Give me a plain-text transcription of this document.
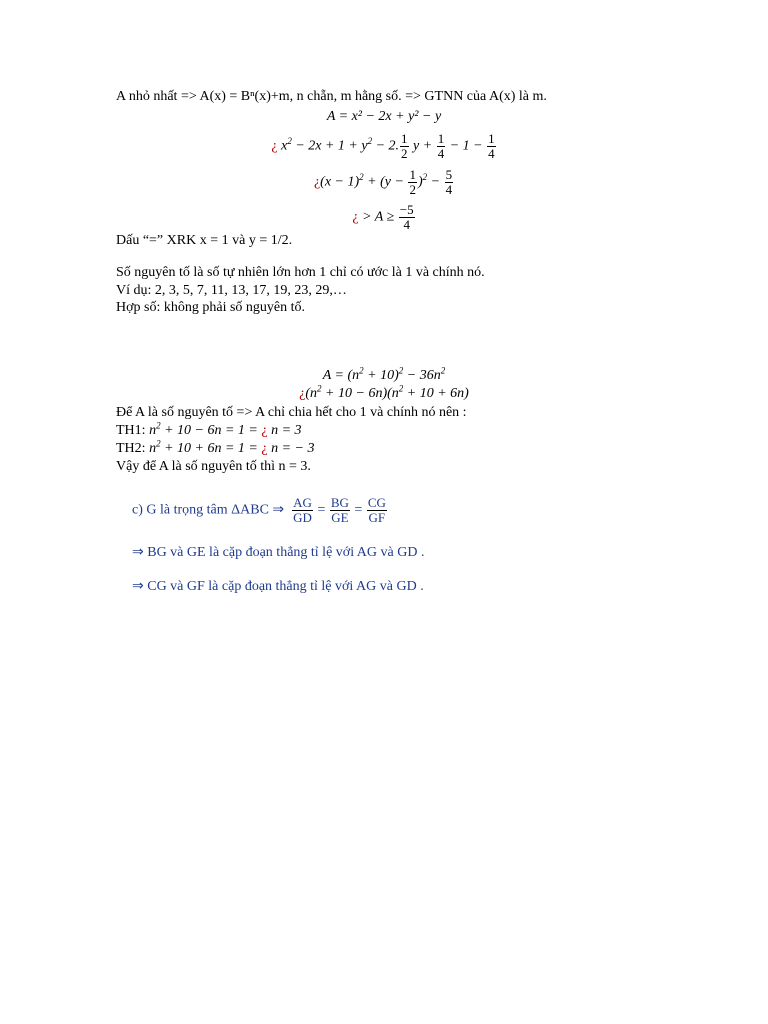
A nhỏ nhất => A(x) = Bⁿ(x)+m, n chẵn, m hằng số. => GTNN của A(x) là m.
A = x² − 2x + y² − y
¿ $x^2 - 2x + 1 + y^2 - 2$. $\frac{1}{2}$ $y + \frac{1}{4} - 1 - \frac{1}{4}$
¿$(x - 1)^2 + (y - \frac{1}{2} )^2 - \frac{5}{4}$
¿ > $A \ge \frac{-5}{4}$
Dấu “=” XRK x = 1 và y = 1/2.
Số nguyên tố là số tự nhiên lớn hơn 1 chỉ có ước là 1 và chính nó.
Ví dụ: 2, 3, 5, 7, 11, 13, 17, 19, 23, 29,…
Hợp số: không phải số nguyên tố.
$A = (n^2 + 10)^2 - 36n^2$
¿$(n^2 + 10 - 6n)(n^2 + 10 + 6n)$
Để A là số nguyên tố => A chỉ chia hết cho 1 và chính nó nên :
TH1: $n^2 + 10 - 6n = 1$ = ¿ n = 3
TH2: $n^2 + 10 + 6n = 1$ = ¿ n = − 3
Vậy để A là số nguyên tố thì n = 3.
c) G là trọng tâm ΔABC ⇒ $\frac{AG}{GD} = \frac{BG}{GE} = \frac{CG}{GF}$
⇒ BG và GE là cặp đoạn thẳng tỉ lệ với AG và GD .
⇒ CG và GF là cặp đoạn thẳng tỉ lệ với AG và GD .
